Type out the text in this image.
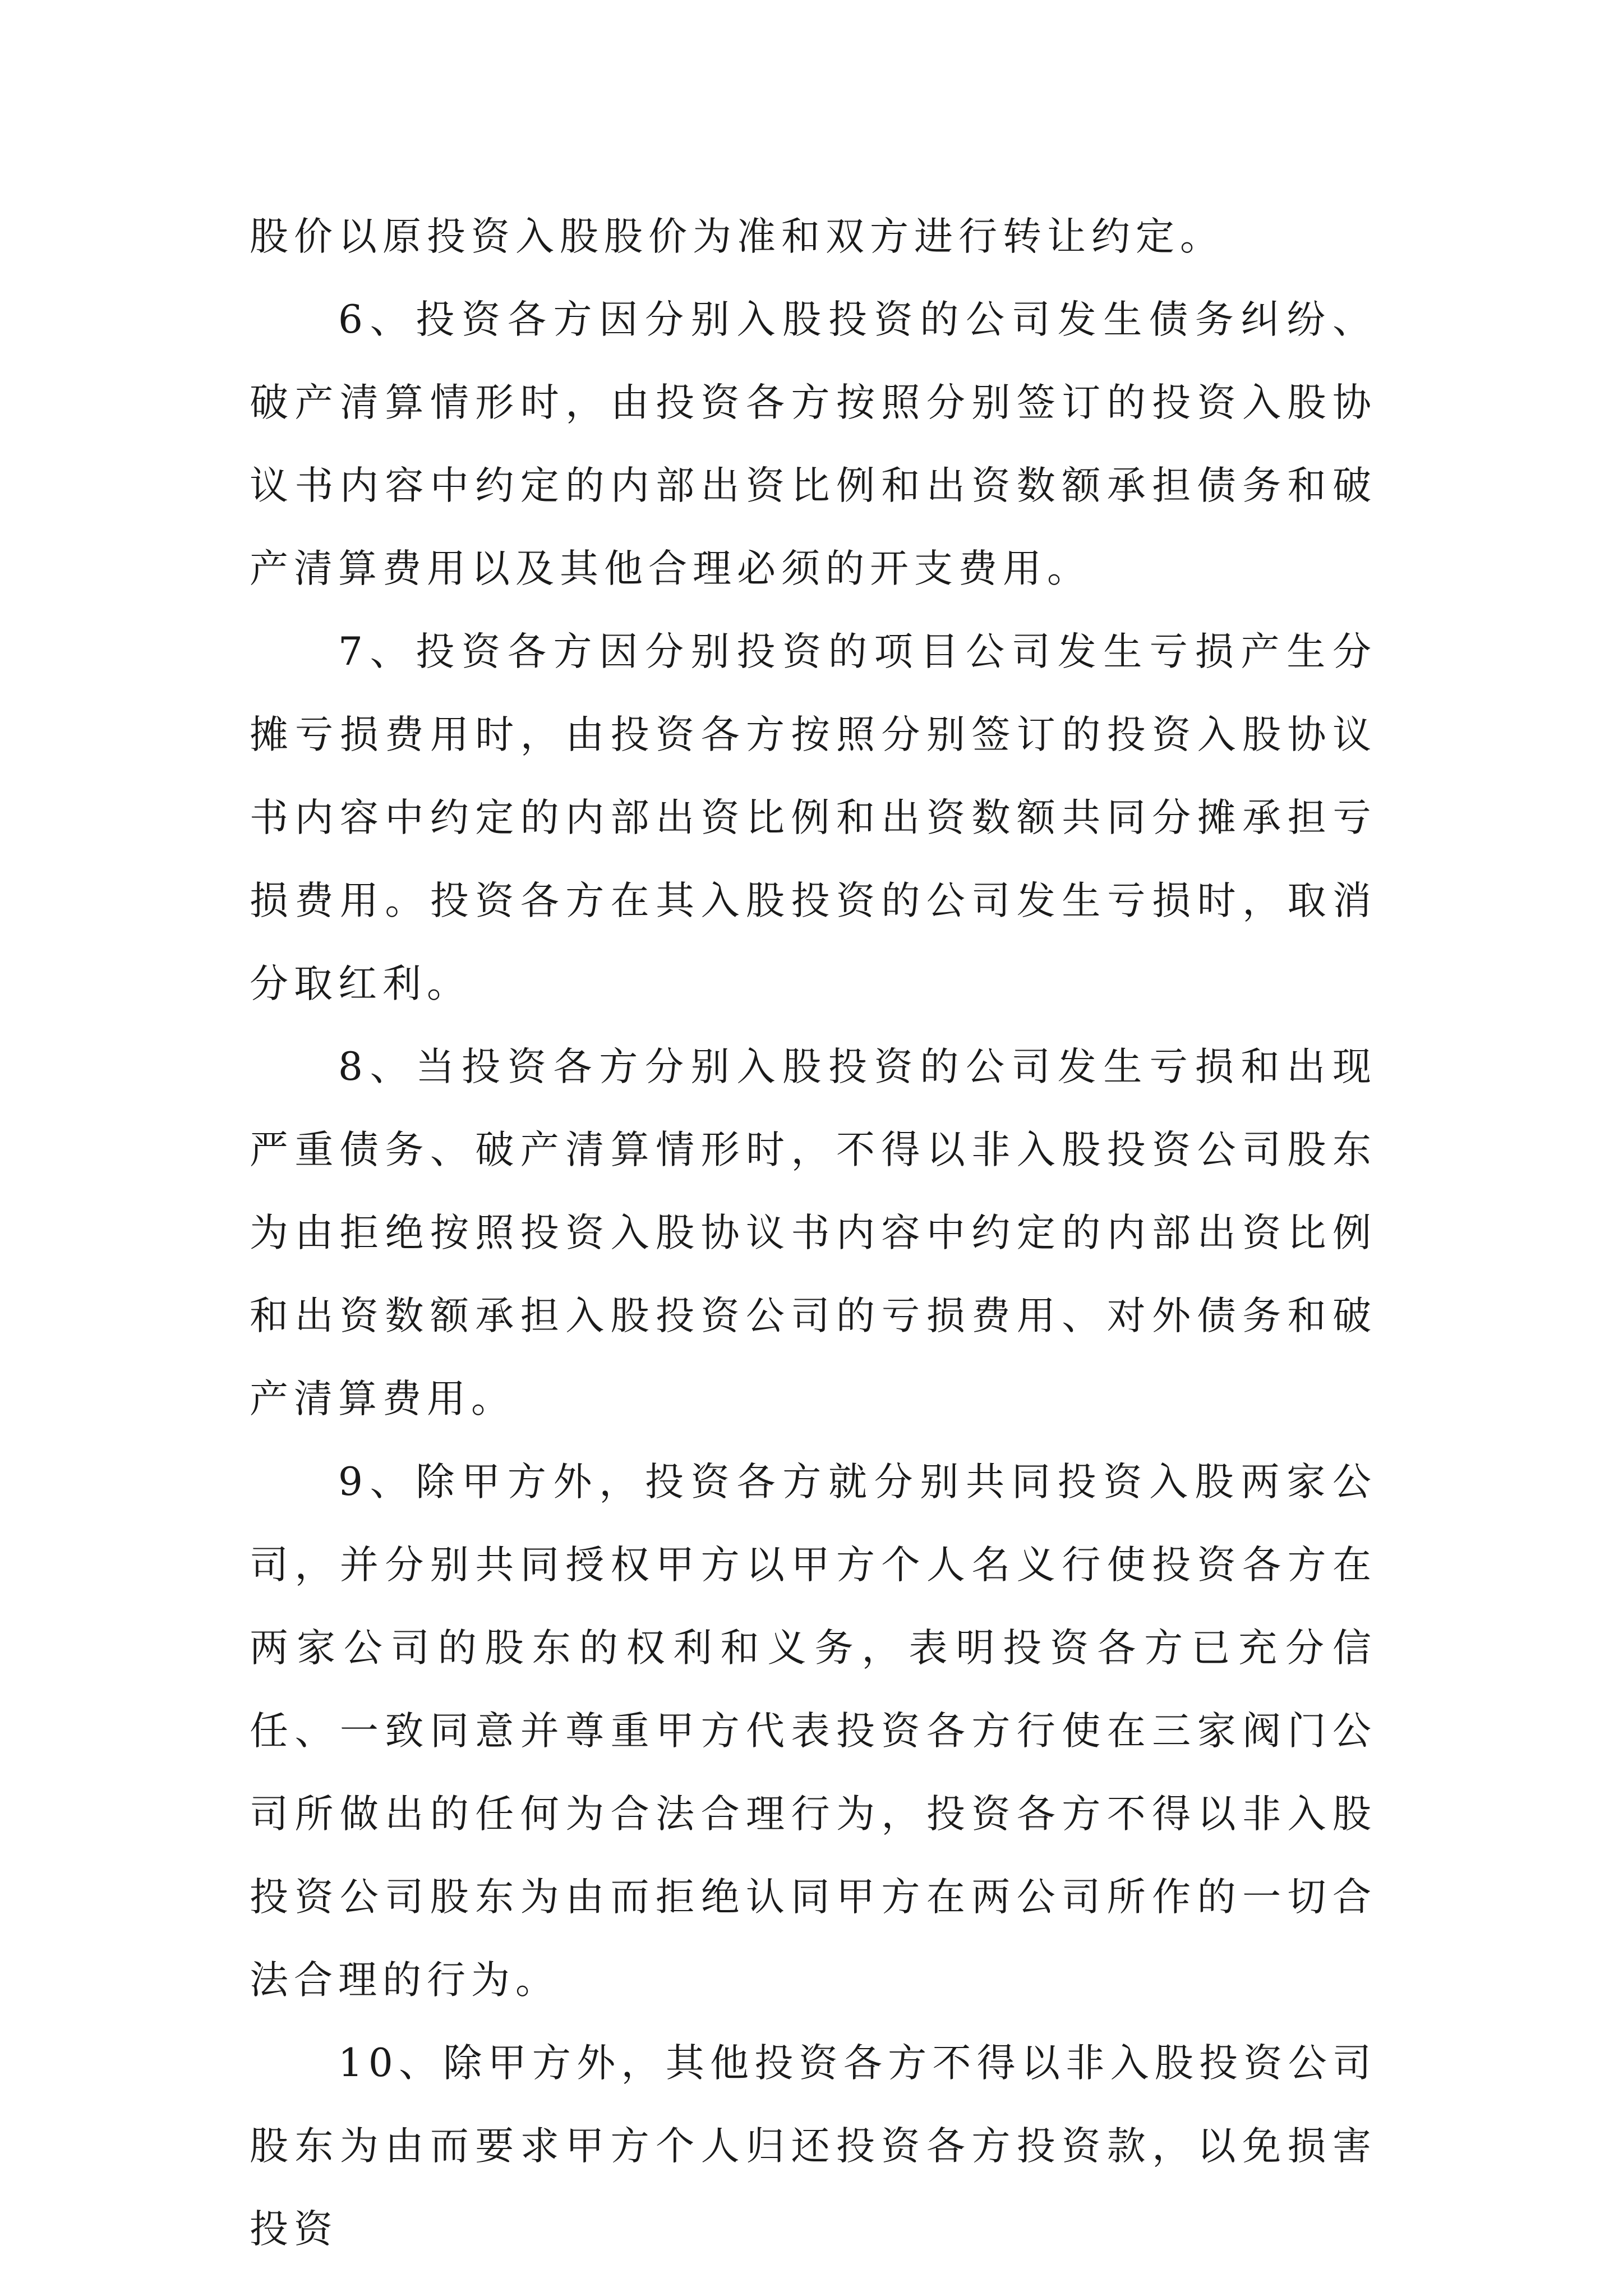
股价以原投资入股股价为准和双方进行转让约定。

6、投资各方因分别入股投资的公司发生债务纠纷、破产清算情形时，由投资各方按照分别签订的投资入股协议书内容中约定的内部出资比例和出资数额承担债务和破产清算费用以及其他合理必须的开支费用。

7、投资各方因分别投资的项目公司发生亏损产生分摊亏损费用时，由投资各方按照分别签订的投资入股协议书内容中约定的内部出资比例和出资数额共同分摊承担亏损费用。投资各方在其入股投资的公司发生亏损时，取消分取红利。

8、当投资各方分别入股投资的公司发生亏损和出现严重债务、破产清算情形时，不得以非入股投资公司股东为由拒绝按照投资入股协议书内容中约定的内部出资比例和出资数额承担入股投资公司的亏损费用、对外债务和破产清算费用。

9、除甲方外，投资各方就分别共同投资入股两家公司，并分别共同授权甲方以甲方个人名义行使投资各方在两家公司的股东的权利和义务，表明投资各方已充分信任、一致同意并尊重甲方代表投资各方行使在三家阀门公司所做出的任何为合法合理行为，投资各方不得以非入股投资公司股东为由而拒绝认同甲方在两公司所作的一切合法合理的行为。

10、除甲方外，其他投资各方不得以非入股投资公司股东为由而要求甲方个人归还投资各方投资款，以免损害投资
